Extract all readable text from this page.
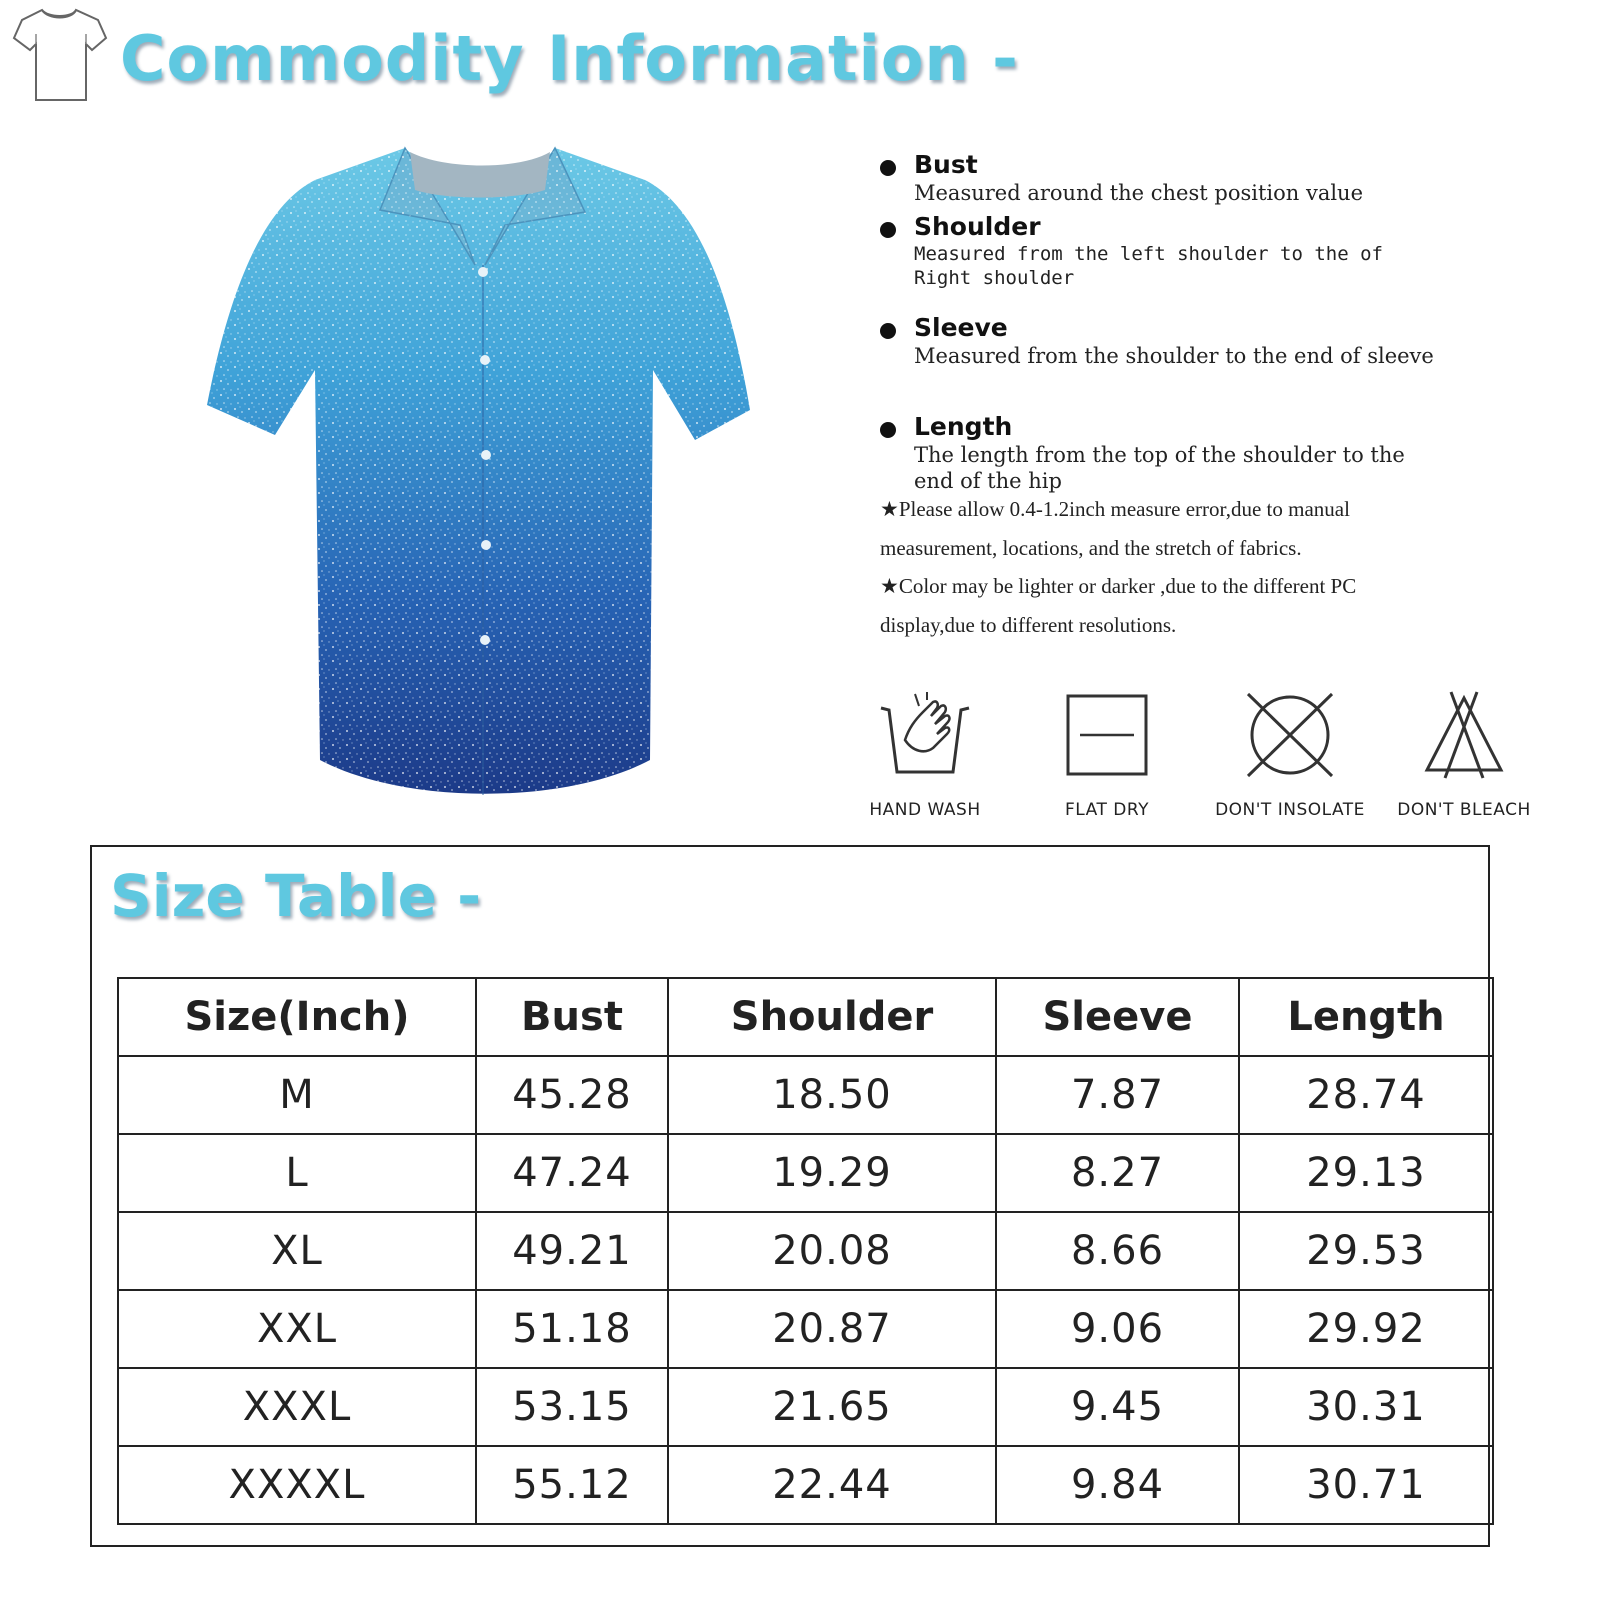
Commodity Information -
Bust
Measured around the chest position value
Shoulder
Measured from the left shoulder to the of Right shoulder
Sleeve
Measured from the shoulder to the end of sleeve
Length
The length from the top of the shoulder to the end of the hip

★Please allow 0.4-1.2inch measure error,due to manual measurement, locations, and the stretch of fabrics.

★Color may be lighter or darker ,due to the different PC display,due to different resolutions.

HAND WASH	FLAT DRY	DON'T INSOLATE	DON'T BLEACH
Size Table -
Size(Inch)	Bust	Shoulder	Sleeve	Length
M	45.28	18.50	7.87	28.74
L	47.24	19.29	8.27	29.13
XL	49.21	20.08	8.66	29.53
XXL	51.18	20.87	9.06	29.92
XXXL	53.15	21.65	9.45	30.31
XXXXL	55.12	22.44	9.84	30.71
